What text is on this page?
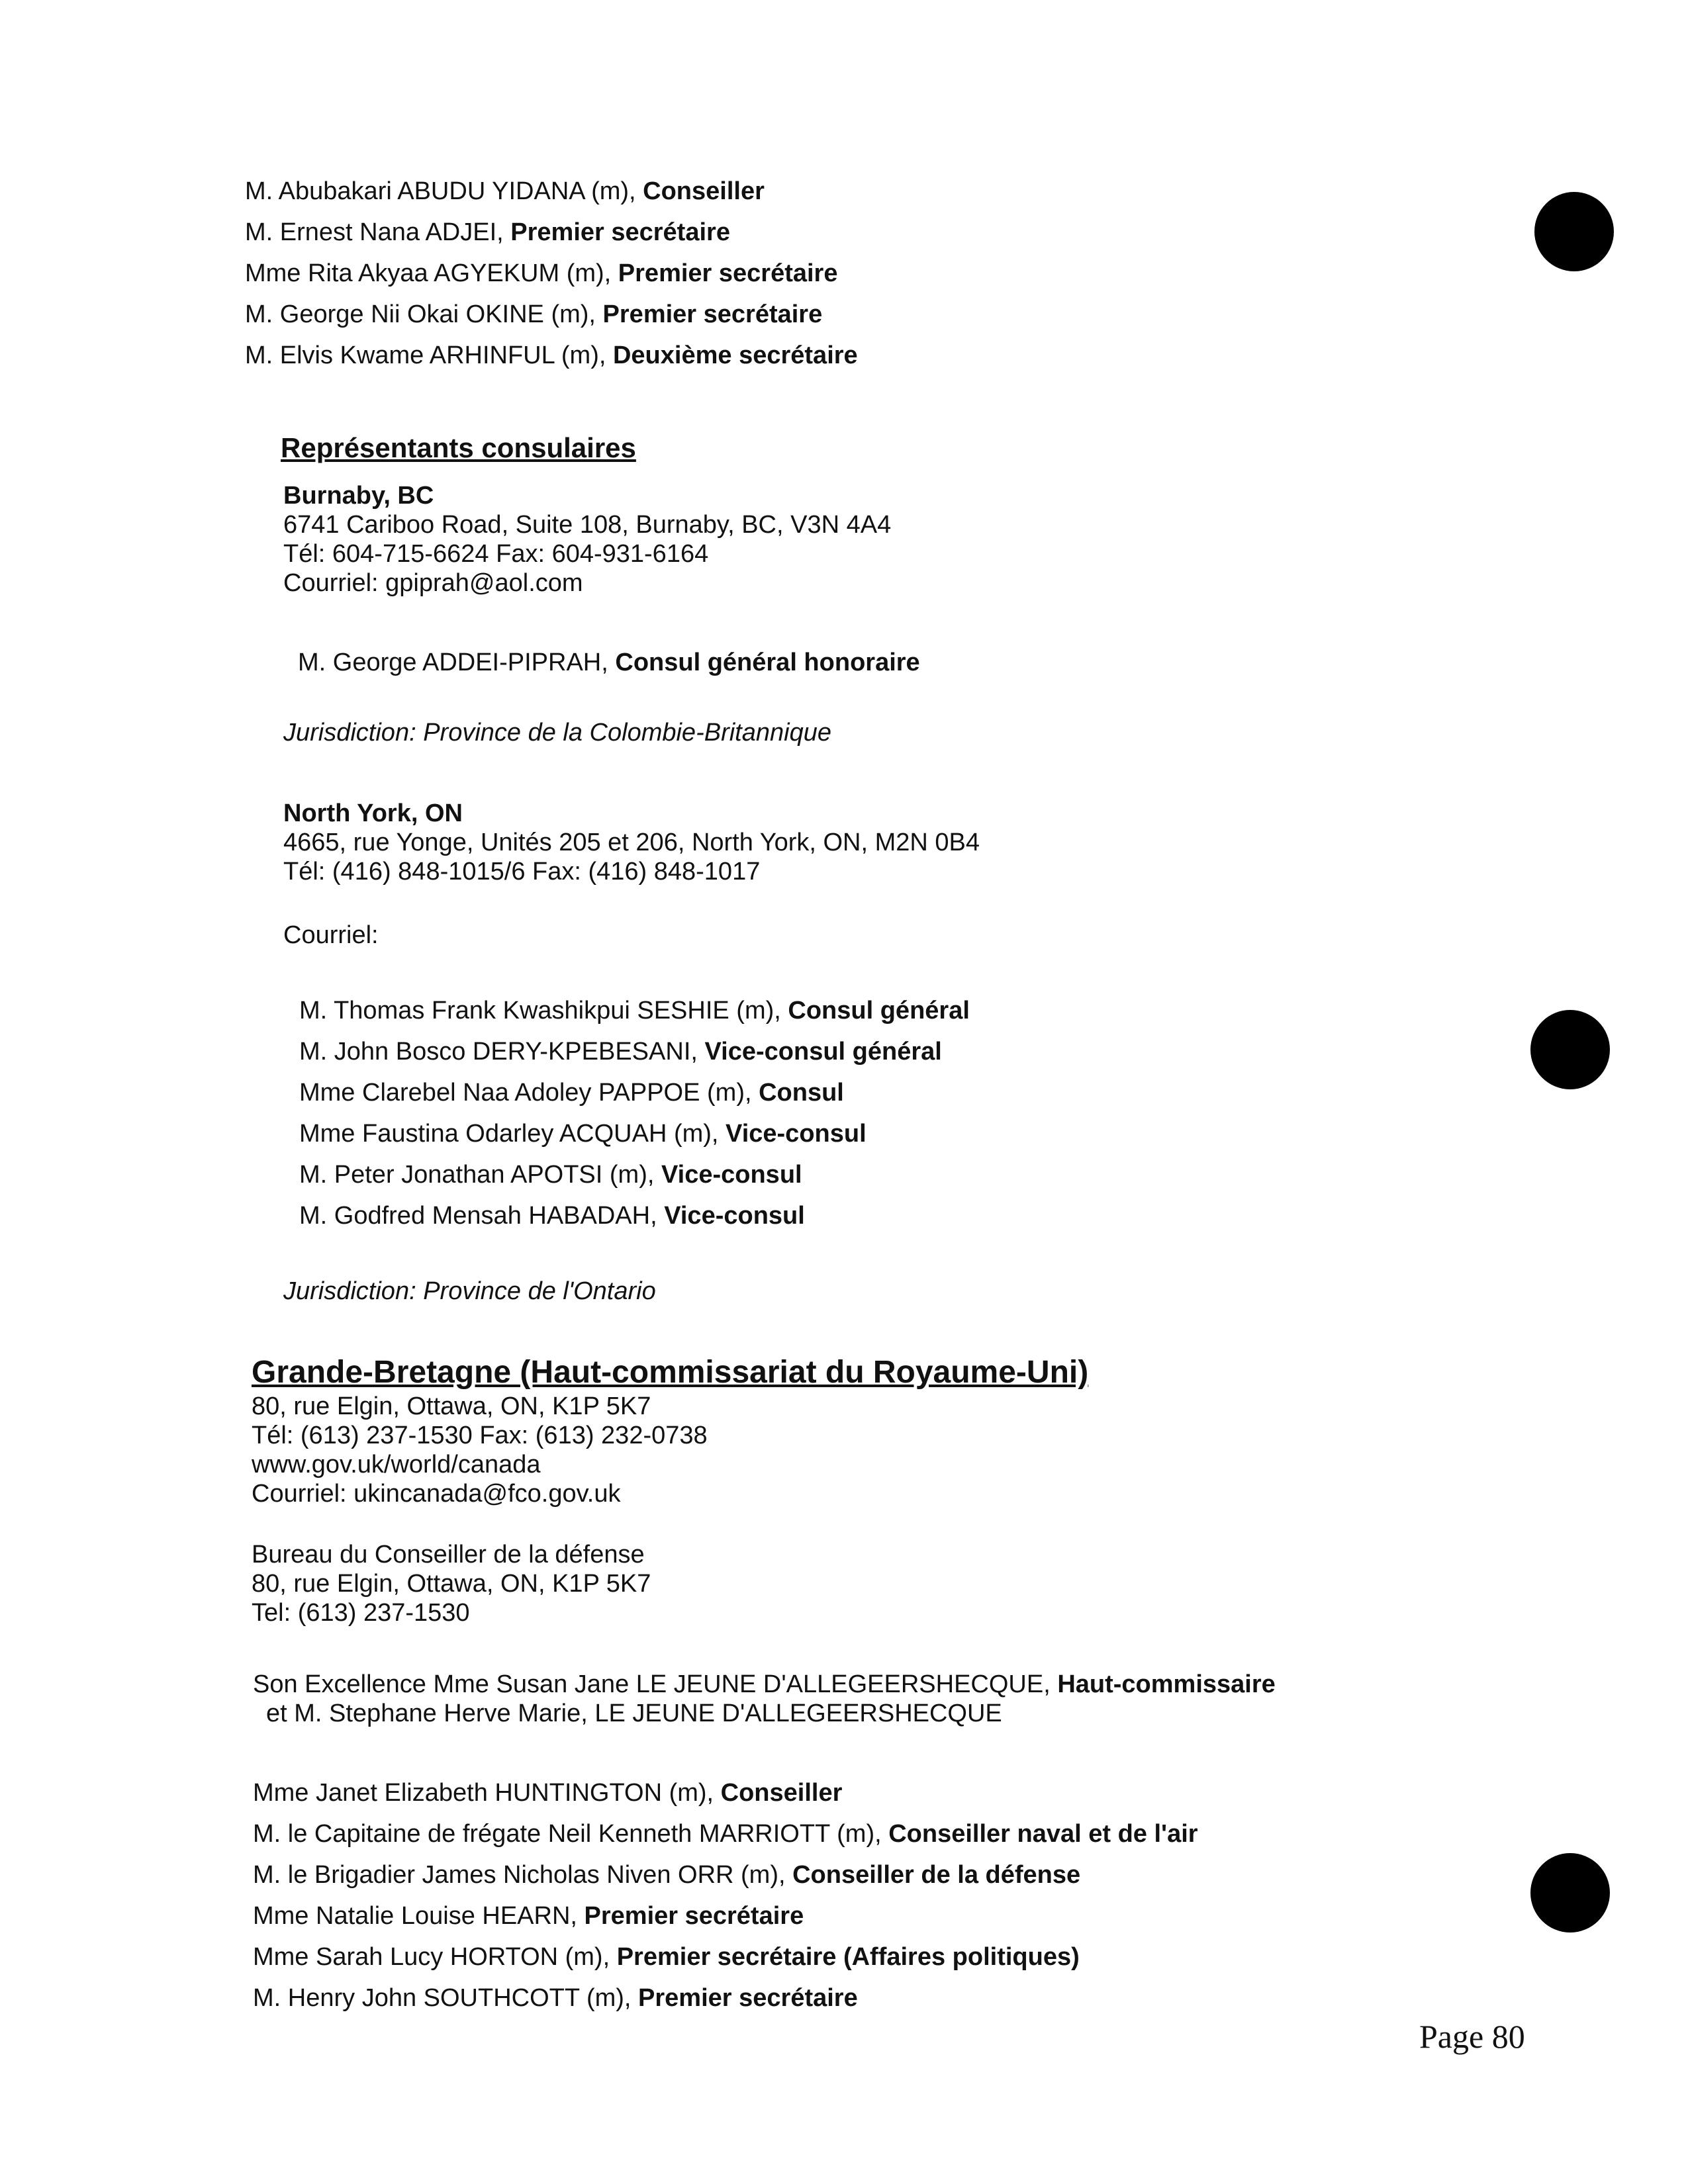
M. Abubakari ABUDU YIDANA (m), Conseiller
M. Ernest Nana ADJEI, Premier secrétaire
Mme Rita Akyaa AGYEKUM (m), Premier secrétaire
M. George Nii Okai OKINE (m), Premier secrétaire
M. Elvis Kwame ARHINFUL (m), Deuxième secrétaire
Représentants consulaires
Burnaby, BC
6741 Cariboo Road, Suite 108, Burnaby, BC, V3N 4A4
Tél: 604-715-6624 Fax: 604-931-6164
Courriel: gpiprah@aol.com
M. George ADDEI-PIPRAH, Consul général honoraire
Jurisdiction: Province de la Colombie-Britannique
North York, ON
4665, rue Yonge, Unités 205 et 206, North York, ON, M2N 0B4
Tél: (416) 848-1015/6 Fax: (416) 848-1017
Courriel:
M. Thomas Frank Kwashikpui SESHIE (m), Consul général
M. John Bosco DERY-KPEBESANI, Vice-consul général
Mme Clarebel Naa Adoley PAPPOE (m), Consul
Mme Faustina Odarley ACQUAH (m), Vice-consul
M. Peter Jonathan APOTSI (m), Vice-consul
M. Godfred Mensah HABADAH, Vice-consul
Jurisdiction: Province de l'Ontario
Grande-Bretagne (Haut-commissariat du Royaume-Uni)
80, rue Elgin, Ottawa, ON, K1P 5K7
Tél: (613) 237-1530 Fax: (613) 232-0738
www.gov.uk/world/canada
Courriel: ukincanada@fco.gov.uk
Bureau du Conseiller de la défense
80, rue Elgin, Ottawa, ON, K1P 5K7
Tel: (613) 237-1530
Son Excellence Mme Susan Jane LE JEUNE D'ALLEGEERSHECQUE, Haut-commissaire
et M. Stephane Herve Marie, LE JEUNE D'ALLEGEERSHECQUE
Mme Janet Elizabeth HUNTINGTON (m), Conseiller
M. le Capitaine de frégate Neil Kenneth MARRIOTT (m), Conseiller naval et de l'air
M. le Brigadier James Nicholas Niven ORR (m), Conseiller de la défense
Mme Natalie Louise HEARN, Premier secrétaire
Mme Sarah Lucy HORTON (m), Premier secrétaire (Affaires politiques)
M. Henry John SOUTHCOTT (m), Premier secrétaire
Page 80
